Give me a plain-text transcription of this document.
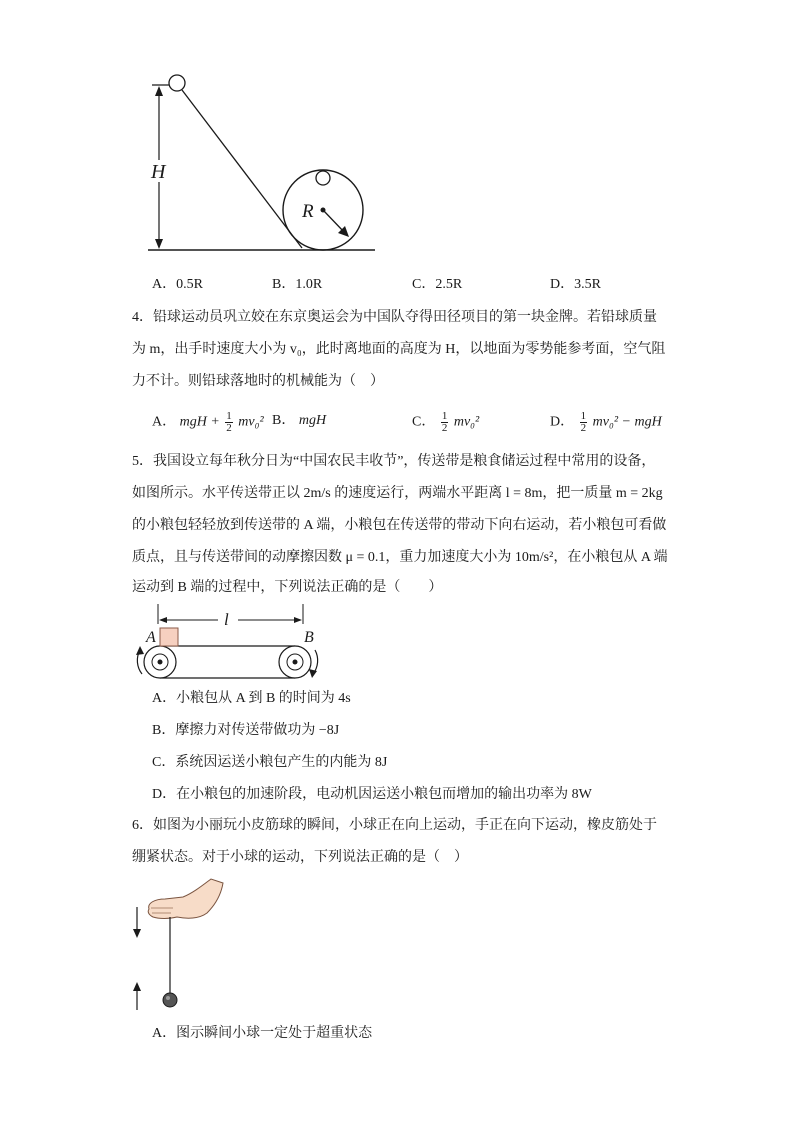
H
R
A．0.5R	B．1.0R	C．2.5R	D．3.5R
4．铅球运动员巩立姣在东京奥运会为中国队夺得田径项目的第一块金牌。若铅球质量
为 m，出手时速度大小为 v₀，此时离地面的高度为 H，以地面为零势能参考面，空气阻
力不计。则铅球落地时的机械能为（　）
A． mgH + $\frac{1}{2} mv_0^2$ B． mgH	C． $\frac{1}{2} mv_0^2$	D． $\frac{1}{2} mv_0^2$ − mgH
5．我国设立每年秋分日为“中国农民丰收节”，传送带是粮食储运过程中常用的设备，
如图所示。水平传送带正以 2m/s 的速度运行，两端水平距离 l = 8m，把一质量 m = 2kg
的小粮包轻轻放到传送带的 A 端，小粮包在传送带的带动下向右运动，若小粮包可看做
质点，且与传送带间的动摩擦因数 μ = 0.1，重力加速度大小为 10m/s²，在小粮包从 A 端
运动到 B 端的过程中，下列说法正确的是（　　）
l
A	B
A．小粮包从 A 到 B 的时间为 4s
B．摩擦力对传送带做功为 −8J
C．系统因运送小粮包产生的内能为 8J
D．在小粮包的加速阶段，电动机因运送小粮包而增加的输出功率为 8W
6．如图为小丽玩小皮筋球的瞬间，小球正在向上运动，手正在向下运动，橡皮筋处于
绷紧状态。对于小球的运动，下列说法正确的是（　）
A．图示瞬间小球一定处于超重状态
